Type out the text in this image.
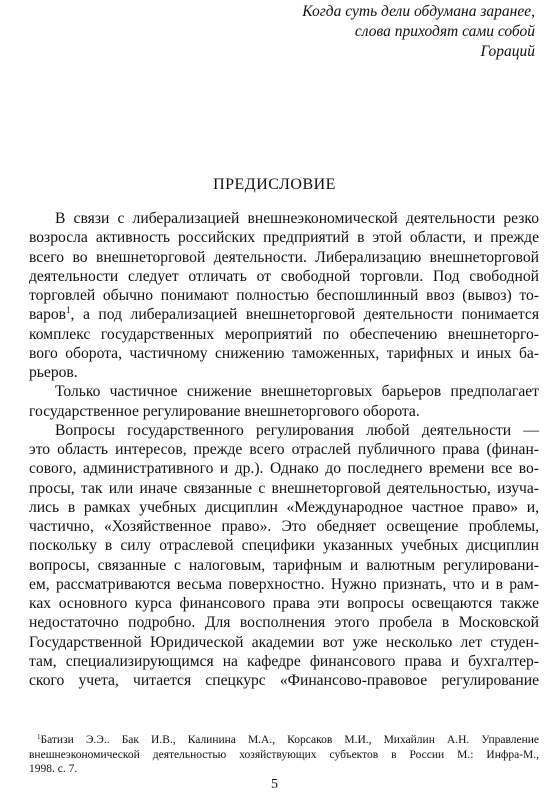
Когда суть дели обдумана заранее,
слова приходят сами собой
Гораций
ПРЕДИСЛОВИЕ
В связи с либерализацией внешнеэкономической деятельности резко
возросла активность российских предприятий в этой области, и прежде
всего во внешнеторговой деятельности. Либерализацию внешнеторговой
деятельности следует отличать от свободной торговли. Под свободной
торговлей обычно понимают полностью беспошлинный ввоз (вывоз) то-
варов$^1$, а под либерализацией внешнеторговой деятельности понимается
комплекс государственных мероприятий по обеспечению внешнеторго-
вого оборота, частичному снижению таможенных, тарифных и иных ба-
рьеров.
Только частичное снижение внешнеторговых барьеров предполагает
государственное регулирование внешнеторгового оборота.
Вопросы государственного регулирования любой деятельности —
это область интересов, прежде всего отраслей публичного права (финан-
сового, административного и др.). Однако до последнего времени все во-
просы, так или иначе связанные с внешнеторговой деятельностью, изуча-
лись в рамках учебных дисциплин «Международное частное право» и,
частично, «Хозяйственное право». Это обедняет освещение проблемы,
поскольку в силу отраслевой специфики указанных учебных дисциплин
вопросы, связанные с налоговым, тарифным и валютным регулировани-
ем, рассматриваются весьма поверхностно. Нужно признать, что и в рам-
ках основного курса финансового права эти вопросы освещаются также
недостаточно подробно. Для восполнения этого пробела в Московской
Государственной Юридической академии вот уже несколько лет студен-
там, специализирующимся на кафедре финансового права и бухгалтер-
ского учета, читается спецкурс «Финансово-правовое регулирование
$^1$Батизи Э.Э.. Бак И.В., Калинина М.А., Корсаков М.И., Михайлин А.Н. Управление
внешнеэкономической деятельностью хозяйствующих субъектов в России М.: Инфра-М.,
1998. с. 7.
5
